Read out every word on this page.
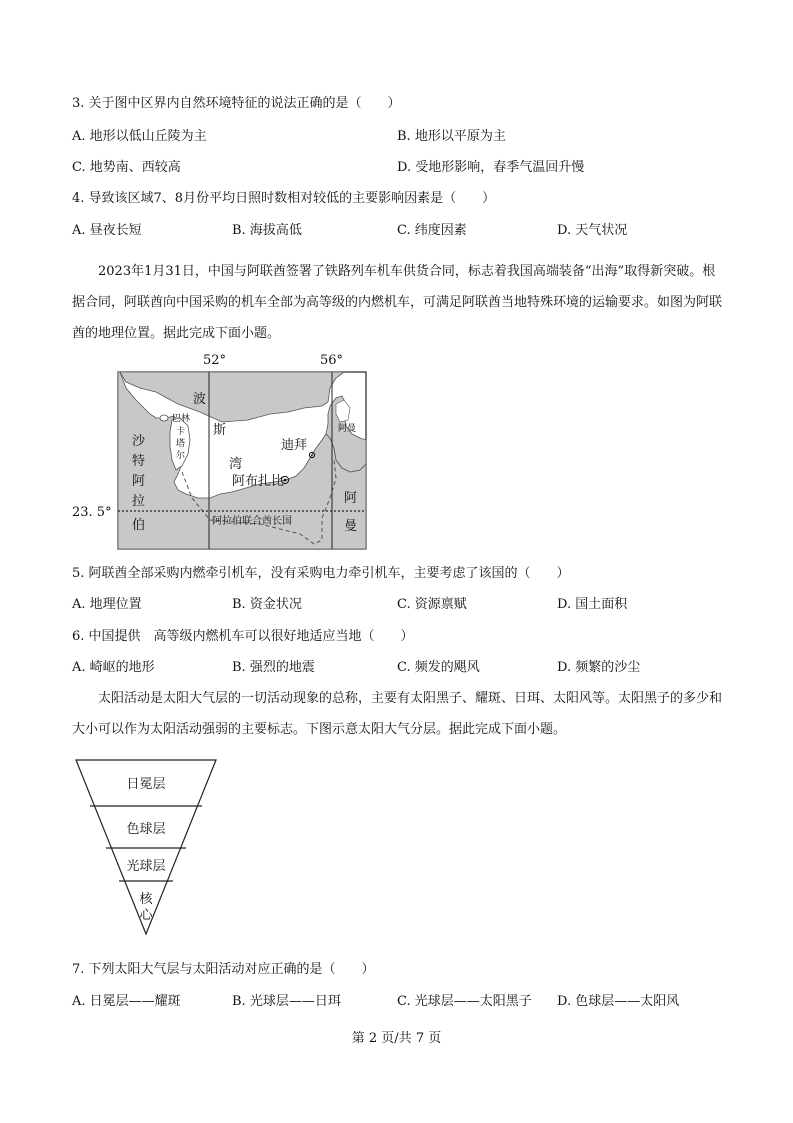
3. 关于图中区界内自然环境特征的说法正确的是（　　）
A. 地形以低山丘陵为主	B. 地形以平原为主
C. 地势南、西较高	D. 受地形影响，春季气温回升慢
4. 导致该区域7、8月份平均日照时数相对较低的主要影响因素是（　　）
A. 昼夜长短	B. 海拔高低	C. 纬度因素	D. 天气状况
2023年1月31日，中国与阿联酋签署了铁路列车机车供货合同，标志着我国高端装备“出海”取得新突破。根据合同，阿联酋向中国采购的机车全部为高等级的内燃机车，可满足阿联酋当地特殊环境的运输要求。如图为阿联酋的地理位置。据此完成下面小题。
52°	56°
23. 5°
波
斯
湾
巴林
卡
塔
尔
沙
特
阿
拉
伯
迪拜
阿布扎比
阿曼
阿
曼
阿拉伯联合酋长国
5. 阿联酋全部采购内燃牵引机车，没有采购电力牵引机车，主要考虑了该国的（　　）
A. 地理位置	B. 资金状况	C. 资源禀赋	D. 国土面积
6. 中国提供　高等级内燃机车可以很好地适应当地（　　）
A. 崎岖的地形	B. 强烈的地震	C. 频发的飓风	D. 频繁的沙尘
太阳活动是太阳大气层的一切活动现象的总称，主要有太阳黑子、耀斑、日珥、太阳风等。太阳黑子的多少和大小可以作为太阳活动强弱的主要标志。下图示意太阳大气分层。据此完成下面小题。
日冕层
色球层
光球层
核
心
7. 下列太阳大气层与太阳活动对应正确的是（　　）
A. 日冕层——耀斑	B. 光球层——日珥	C. 光球层——太阳黑子 D. 色球层——太阳风
第 2 页/共 7 页
